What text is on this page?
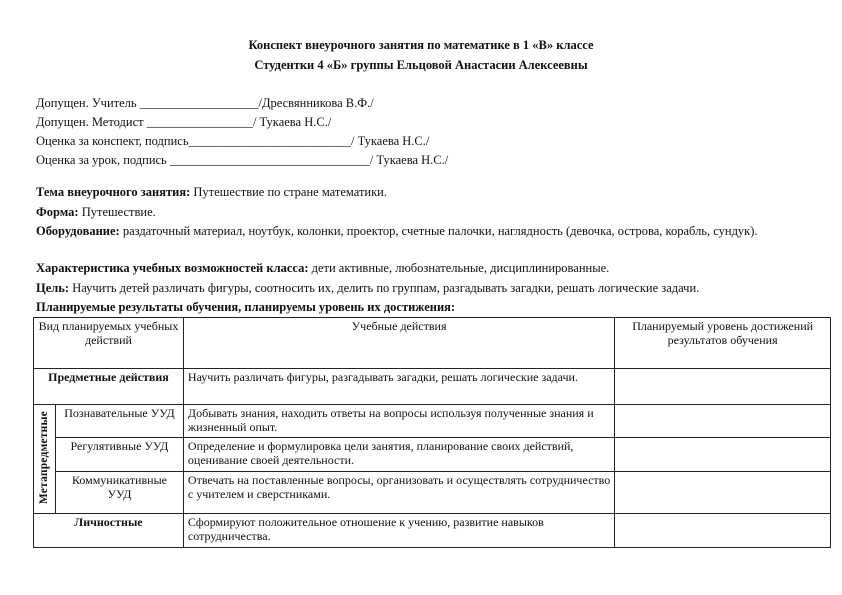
Конспект внеурочного занятия по математике в 1 «В» классе
Студентки 4 «Б» группы Ельцовой Анастасии Алексеевны
Допущен. Учитель ___________________/Дресвянникова В.Ф./
Допущен. Методист _________________/ Тукаева Н.С./
Оценка за конспект, подпись__________________________/ Тукаева Н.С./
Оценка за урок, подпись ________________________________/ Тукаева Н.С./
Тема внеурочного занятия: Путешествие по стране математики.
Форма: Путешествие.
Оборудование: раздаточный материал, ноутбук, колонки, проектор, счетные палочки, наглядность (девочка, острова, корабль, сундук).
Характеристика учебных возможностей класса: дети активные, любознательные, дисциплинированные.
Цель: Научить детей различать фигуры, соотносить их, делить по группам, разгадывать загадки, решать логические задачи.
Планируемые результаты обучения, планируемы уровень их достижения:
Вид планируемых учебных действий		Учебные действия	Планируемый уровень достижений результатов обучения
Предметные действия		Научить различать фигуры, разгадывать загадки, решать логические задачи.	
Метапредметные	Познавательные УУД	Добывать знания, находить ответы на вопросы используя полученные знания и жизненный опыт.	
	Регулятивные УУД	Определение и формулировка цели занятия, планирование своих действий, оценивание своей деятельности.	
	Коммуникативные УУД	Отвечать на поставленные вопросы, организовать и осуществлять сотрудничество с учителем и сверстниками.	
Личностные		Сформируют положительное отношение к учению, развитие навыков сотрудничества.	
